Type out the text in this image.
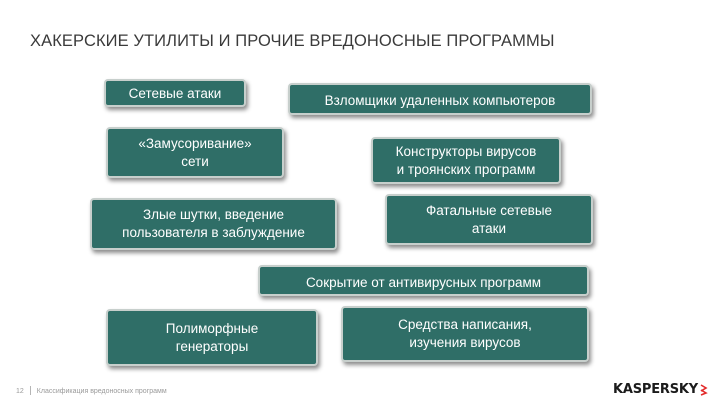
ХАКЕРСКИЕ УТИЛИТЫ И ПРОЧИЕ ВРЕДОНОСНЫЕ ПРОГРАММЫ
Сетевые атаки	Взломщики удаленных компьютеров
«Замусоривание»
сети
Конструкторы вирусов
и троянских программ
Злые шутки, введение
пользователя в заблуждение
Фатальные сетевые
атаки
Сокрытие от антивирусных программ
Полиморфные
генераторы
Средства написания,
изучения вирусов
12 Классификация вредоносных программ	KASPERSKY
